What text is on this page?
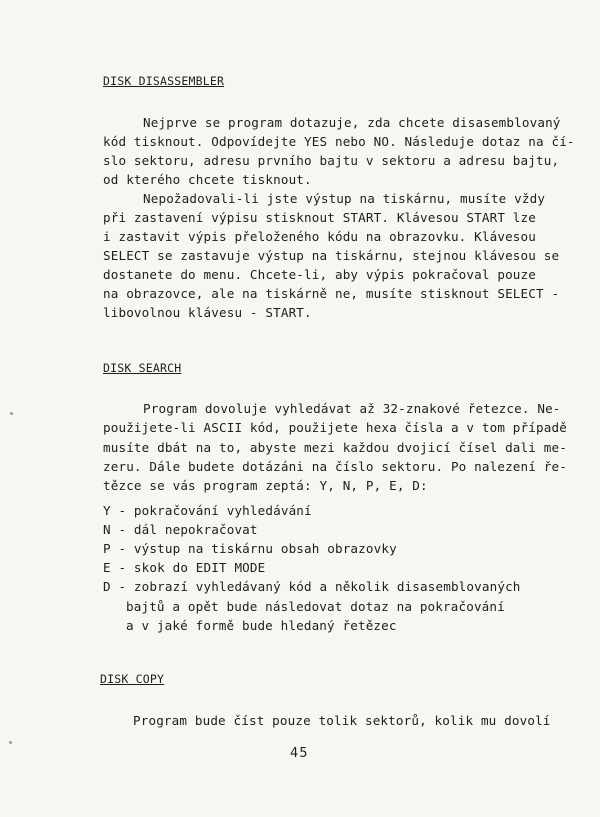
DISK DISASSEMBLER
Nejprve se program dotazuje, zda chcete disasemblovaný
kód tisknout. Odpovídejte YES nebo NO. Následuje dotaz na čí-
slo sektoru, adresu prvního bajtu v sektoru a adresu bajtu,
od kterého chcete tisknout.
Nepožadovali-li jste výstup na tiskárnu, musíte vždy
při zastavení výpisu stisknout START. Klávesou START lze
i zastavit výpis přeloženého kódu na obrazovku. Klávesou
SELECT se zastavuje výstup na tiskárnu, stejnou klávesou se
dostanete do menu. Chcete-li, aby výpis pokračoval pouze
na obrazovce, ale na tiskárně ne, musíte stisknout SELECT -
libovolnou klávesu - START.
DISK SEARCH
Program dovoluje vyhledávat až 32-znakové řetezce. Ne-
použijete-li ASCII kód, použijete hexa čísla a v tom případě
musíte dbát na to, abyste mezi každou dvojicí čísel dali me-
zeru. Dále budete dotázáni na číslo sektoru. Po nalezení ře-
tězce se vás program zeptá: Y, N, P, E, D:
Y - pokračování vyhledávání
N - dál nepokračovat
P - výstup na tiskárnu obsah obrazovky
E - skok do EDIT MODE
D - zobrazí vyhledávaný kód a několik disasemblovaných
bajtů a opět bude následovat dotaz na pokračování
a v jaké formě bude hledaný řetězec
DISK COPY
Program bude číst pouze tolik sektorů, kolik mu dovolí
45
